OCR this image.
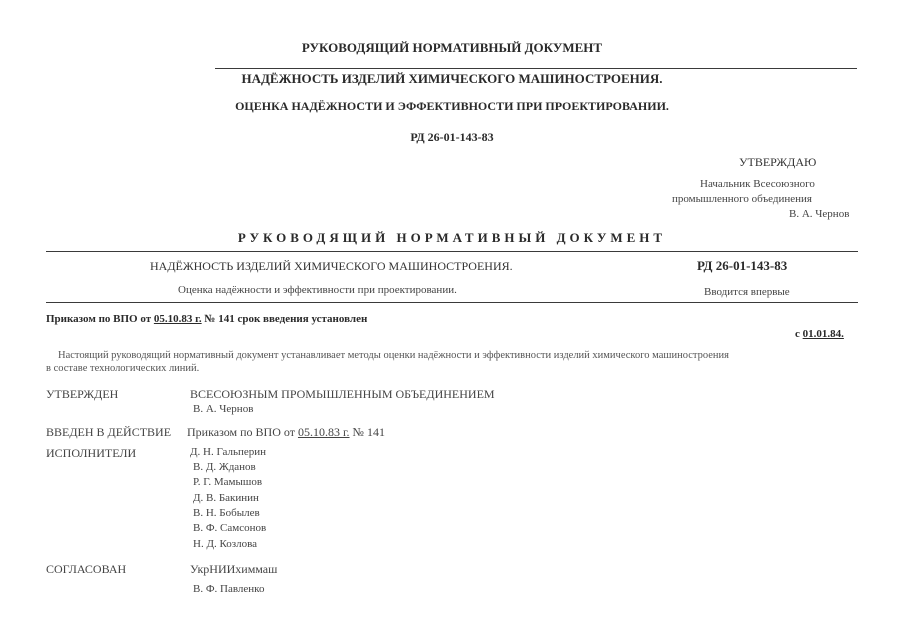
РУКОВОДЯЩИЙ НОРМАТИВНЫЙ ДОКУМЕНТ
НАДЁЖНОСТЬ ИЗДЕЛИЙ ХИМИЧЕСКОГО МАШИНОСТРОЕНИЯ.
ОЦЕНКА НАДЁЖНОСТИ И ЭФФЕКТИВНОСТИ ПРИ ПРОЕКТИРОВАНИИ.
РД 26-01-143-83
УТВЕРЖДАЮ
Начальник Всесоюзного
промышленного объединения
В. А. Чернов
РУКОВОДЯЩИЙ НОРМАТИВНЫЙ ДОКУМЕНТ
НАДЁЖНОСТЬ ИЗДЕЛИЙ ХИМИЧЕСКОГО МАШИНОСТРОЕНИЯ.	РД 26-01-143-83
Оценка надёжности и эффективности при проектировании.	Вводится впервые
Приказом по ВПО от 05.10.83 г. № 141 срок введения установлен
с 01.01.84.
Настоящий руководящий нормативный документ устанавливает методы оценки надёжности и эффективности изделий химического машиностроения
в составе технологических линий.
УТВЕРЖДЕН	ВСЕСОЮЗНЫМ ПРОМЫШЛЕННЫМ ОБЪЕДИНЕНИЕМ
В. А. Чернов
ВВЕДЕН В ДЕЙСТВИЕ Приказом по ВПО от 05.10.83 г. № 141
ИСПОЛНИТЕЛИ	Д. Н. Гальперин
В. Д. Жданов
Р. Г. Мамышов
Д. В. Бакинин
В. Н. Бобылев
В. Ф. Самсонов
Н. Д. Козлова
СОГЛАСОВАН	УкрНИИхиммаш
В. Ф. Павленко
